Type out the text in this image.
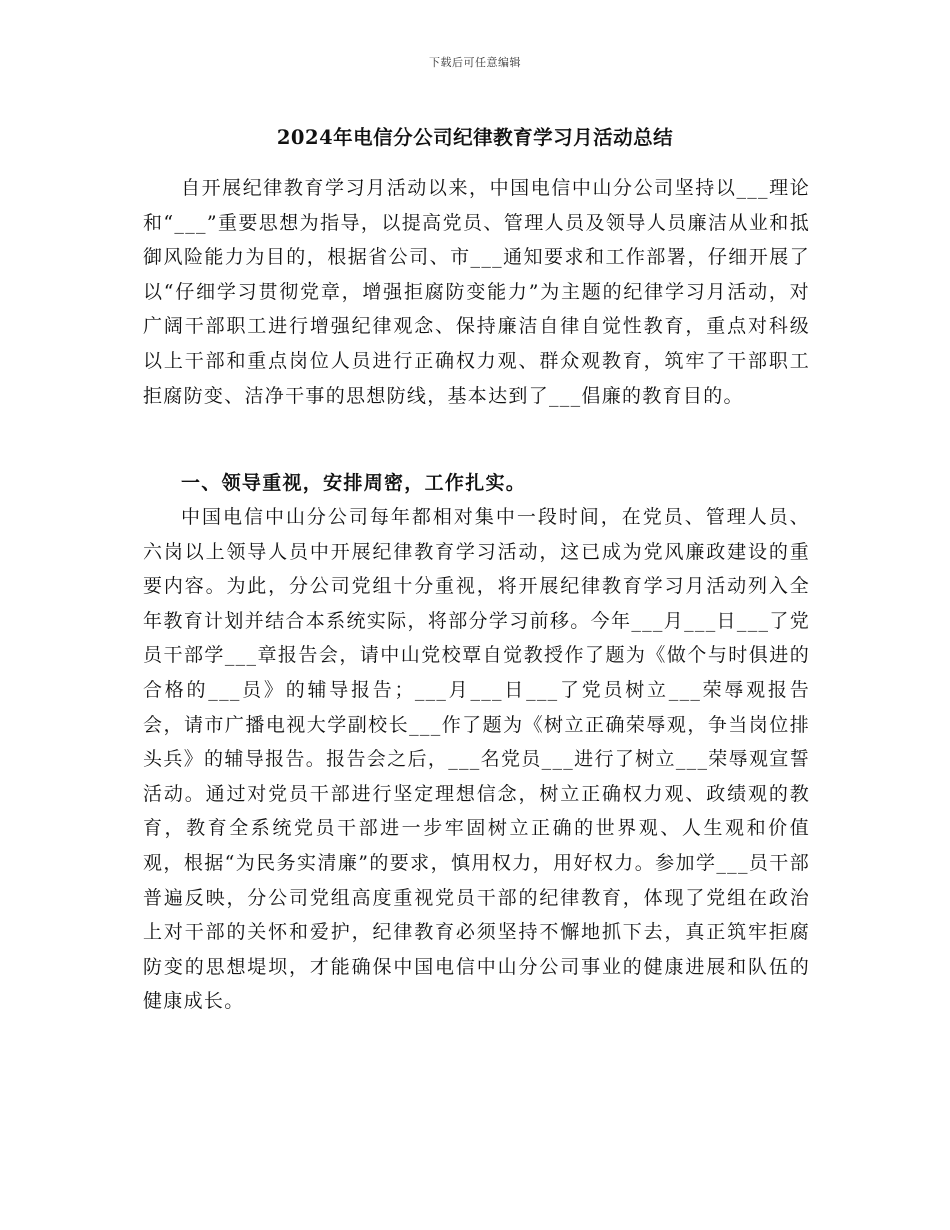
下载后可任意编辑
2024年电信分公司纪律教育学习月活动总结

自开展纪律教育学习月活动以来，中国电信中山分公司坚持以___理论和“___”重要思想为指导，以提高党员、管理人员及领导人员廉洁从业和抵御风险能力为目的，根据省公司、市___通知要求和工作部署，仔细开展了以“仔细学习贯彻党章，增强拒腐防变能力”为主题的纪律学习月活动，对广阔干部职工进行增强纪律观念、保持廉洁自律自觉性教育，重点对科级以上干部和重点岗位人员进行正确权力观、群众观教育，筑牢了干部职工拒腐防变、洁净干事的思想防线，基本达到了___倡廉的教育目的。

一、领导重视，安排周密，工作扎实。

中国电信中山分公司每年都相对集中一段时间，在党员、管理人员、六岗以上领导人员中开展纪律教育学习活动，这已成为党风廉政建设的重要内容。为此，分公司党组十分重视，将开展纪律教育学习月活动列入全年教育计划并结合本系统实际，将部分学习前移。今年___月___日___了党员干部学___章报告会，请中山党校覃自觉教授作了题为《做个与时俱进的合格的___员》的辅导报告；___月___日___了党员树立___荣辱观报告会，请市广播电视大学副校长___作了题为《树立正确荣辱观，争当岗位排头兵》的辅导报告。报告会之后，___名党员___进行了树立___荣辱观宣誓活动。通过对党员干部进行坚定理想信念，树立正确权力观、政绩观的教育，教育全系统党员干部进一步牢固树立正确的世界观、人生观和价值观，根据“为民务实清廉”的要求，慎用权力，用好权力。参加学___员干部普遍反映，分公司党组高度重视党员干部的纪律教育，体现了党组在政治上对干部的关怀和爱护，纪律教育必须坚持不懈地抓下去，真正筑牢拒腐防变的思想堤坝，才能确保中国电信中山分公司事业的健康进展和队伍的健康成长。
